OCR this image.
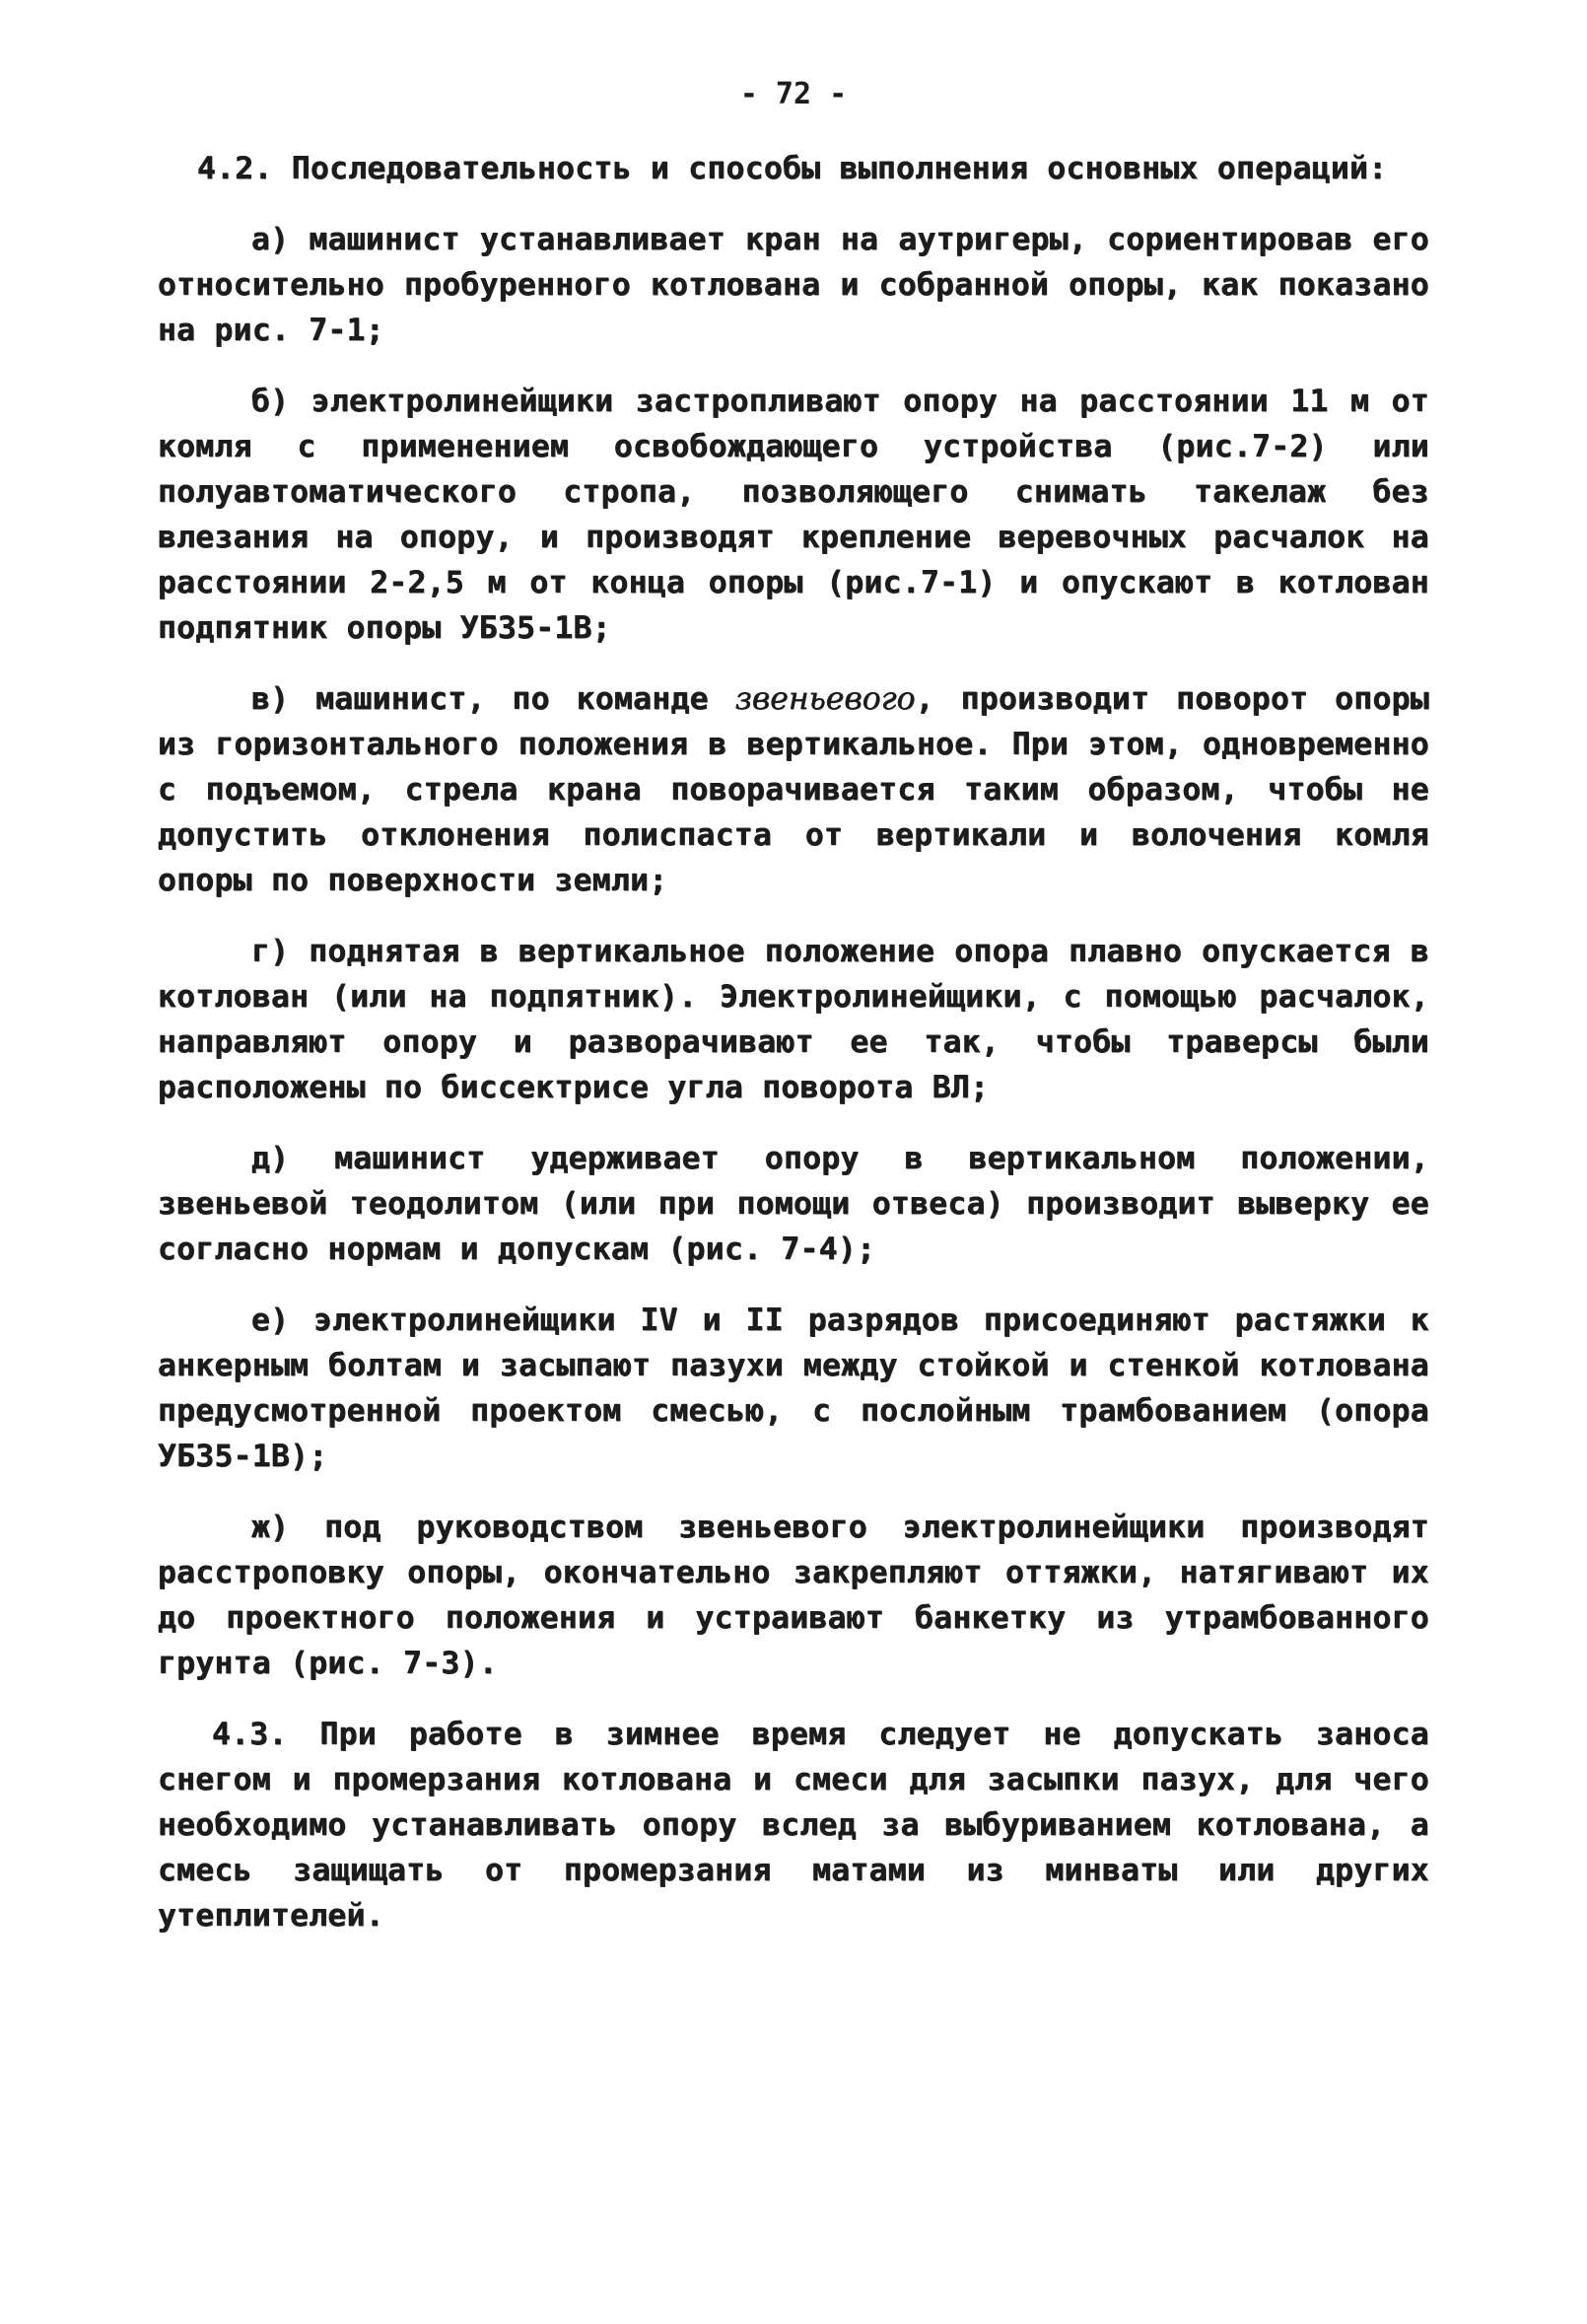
- 72 -

4.2. Последовательность и способы выполнения основных операций:

а) машинист устанавливает кран на аутригеры, сориентировав его относительно пробуренного котлована и собранной опоры, как показано на рис. 7-1;

б) электролинейщики застропливают опору на расстоянии 11 м от комля с применением освобождающего устройства (рис.7-2) или полуавтоматического стропа, позволяющего снимать такелаж без влезания на опору, и производят крепление веревочных расчалок на расстоянии 2-2,5 м от конца опоры (рис.7-1) и опускают в котлован подпятник опоры УБ35-1В;

в) машинист, по команде звеньевого, производит поворот опоры из горизонтального положения в вертикальное. При этом, одновременно с подъемом, стрела крана поворачивается таким образом, чтобы не допустить отклонения полиспаста от вертикали и волочения комля опоры по поверхности земли;

г) поднятая в вертикальное положение опора плавно опускается в котлован (или на подпятник). Электролинейщики, с помощью расчалок, направляют опору и разворачивают ее так, чтобы траверсы были расположены по биссектрисе угла поворота ВЛ;

д) машинист удерживает опору в вертикальном положении, звеньевой теодолитом (или при помощи отвеса) производит выверку ее согласно нормам и допускам (рис. 7-4);

е) электролинейщики IV и II разрядов присоединяют растяжки к анкерным болтам и засыпают пазухи между стойкой и стенкой котлована предусмотренной проектом смесью, с послойным трамбованием (опора УБ35-1В);

ж) под руководством звеньевого электролинейщики производят расстроповку опоры, окончательно закрепляют оттяжки, натягивают их до проектного положения и устраивают банкетку из утрамбованного грунта (рис. 7-3).

4.3. При работе в зимнее время следует не допускать заноса снегом и промерзания котлована и смеси для засыпки пазух, для чего необходимо устанавливать опору вслед за выбуриванием котлована, а смесь защищать от промерзания матами из минваты или других утеплителей.
